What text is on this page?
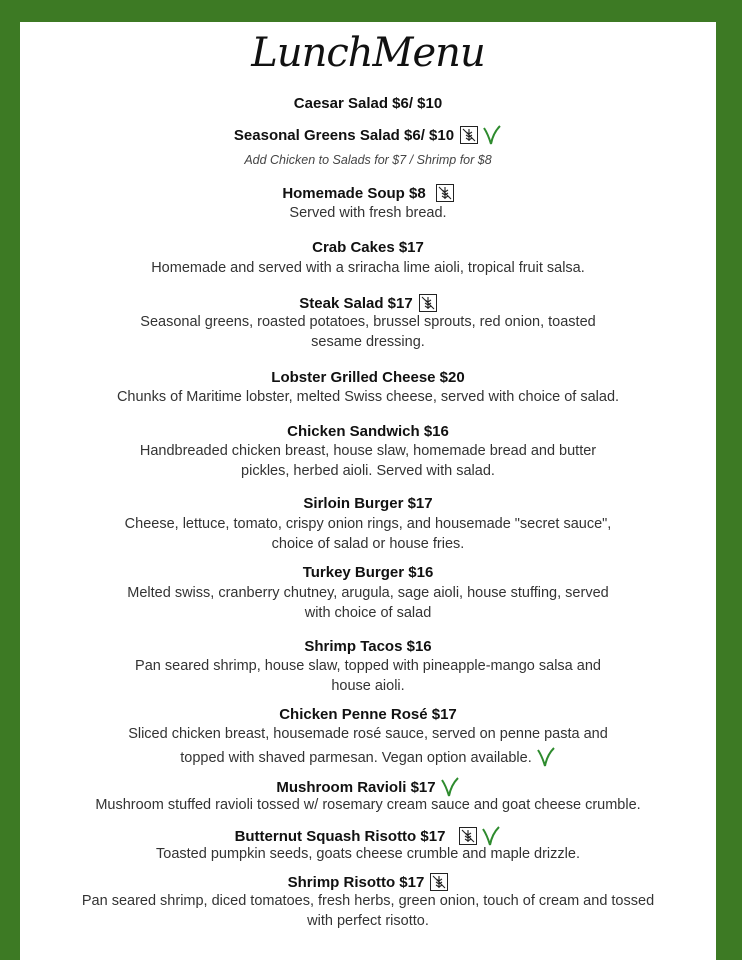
LunchMenu
Caesar Salad $6/ $10
Seasonal Greens Salad $6/ $10
Add Chicken to Salads for $7 / Shrimp for $8
Homemade Soup $8
Served with fresh bread.
Crab Cakes $17
Homemade and served with a sriracha lime aioli, tropical fruit salsa.
Steak Salad $17
Seasonal greens, roasted potatoes, brussel sprouts, red onion, toasted
sesame dressing.
Lobster Grilled Cheese $20
Chunks of Maritime lobster, melted Swiss cheese, served with choice of salad.
Chicken Sandwich $16
Handbreaded chicken breast, house slaw, homemade bread and butter
pickles, herbed aioli. Served with salad.
Sirloin Burger $17
Cheese, lettuce, tomato, crispy onion rings, and housemade "secret sauce",
choice of salad or house fries.
Turkey Burger $16
Melted swiss, cranberry chutney, arugula, sage aioli, house stuffing, served
with choice of salad
Shrimp Tacos $16
Pan seared shrimp, house slaw, topped with pineapple-mango salsa and
house aioli.
Chicken Penne Rosé $17
Sliced chicken breast, housemade rosé sauce, served on penne pasta and
topped with shaved parmesan. Vegan option available.
Mushroom Ravioli $17
Mushroom stuffed ravioli tossed w/ rosemary cream sauce and goat cheese crumble.
Butternut Squash Risotto $17
Toasted pumpkin seeds, goats cheese crumble and maple drizzle.
Shrimp Risotto $17
Pan seared shrimp, diced tomatoes, fresh herbs, green onion, touch of cream and tossed
with perfect risotto.
